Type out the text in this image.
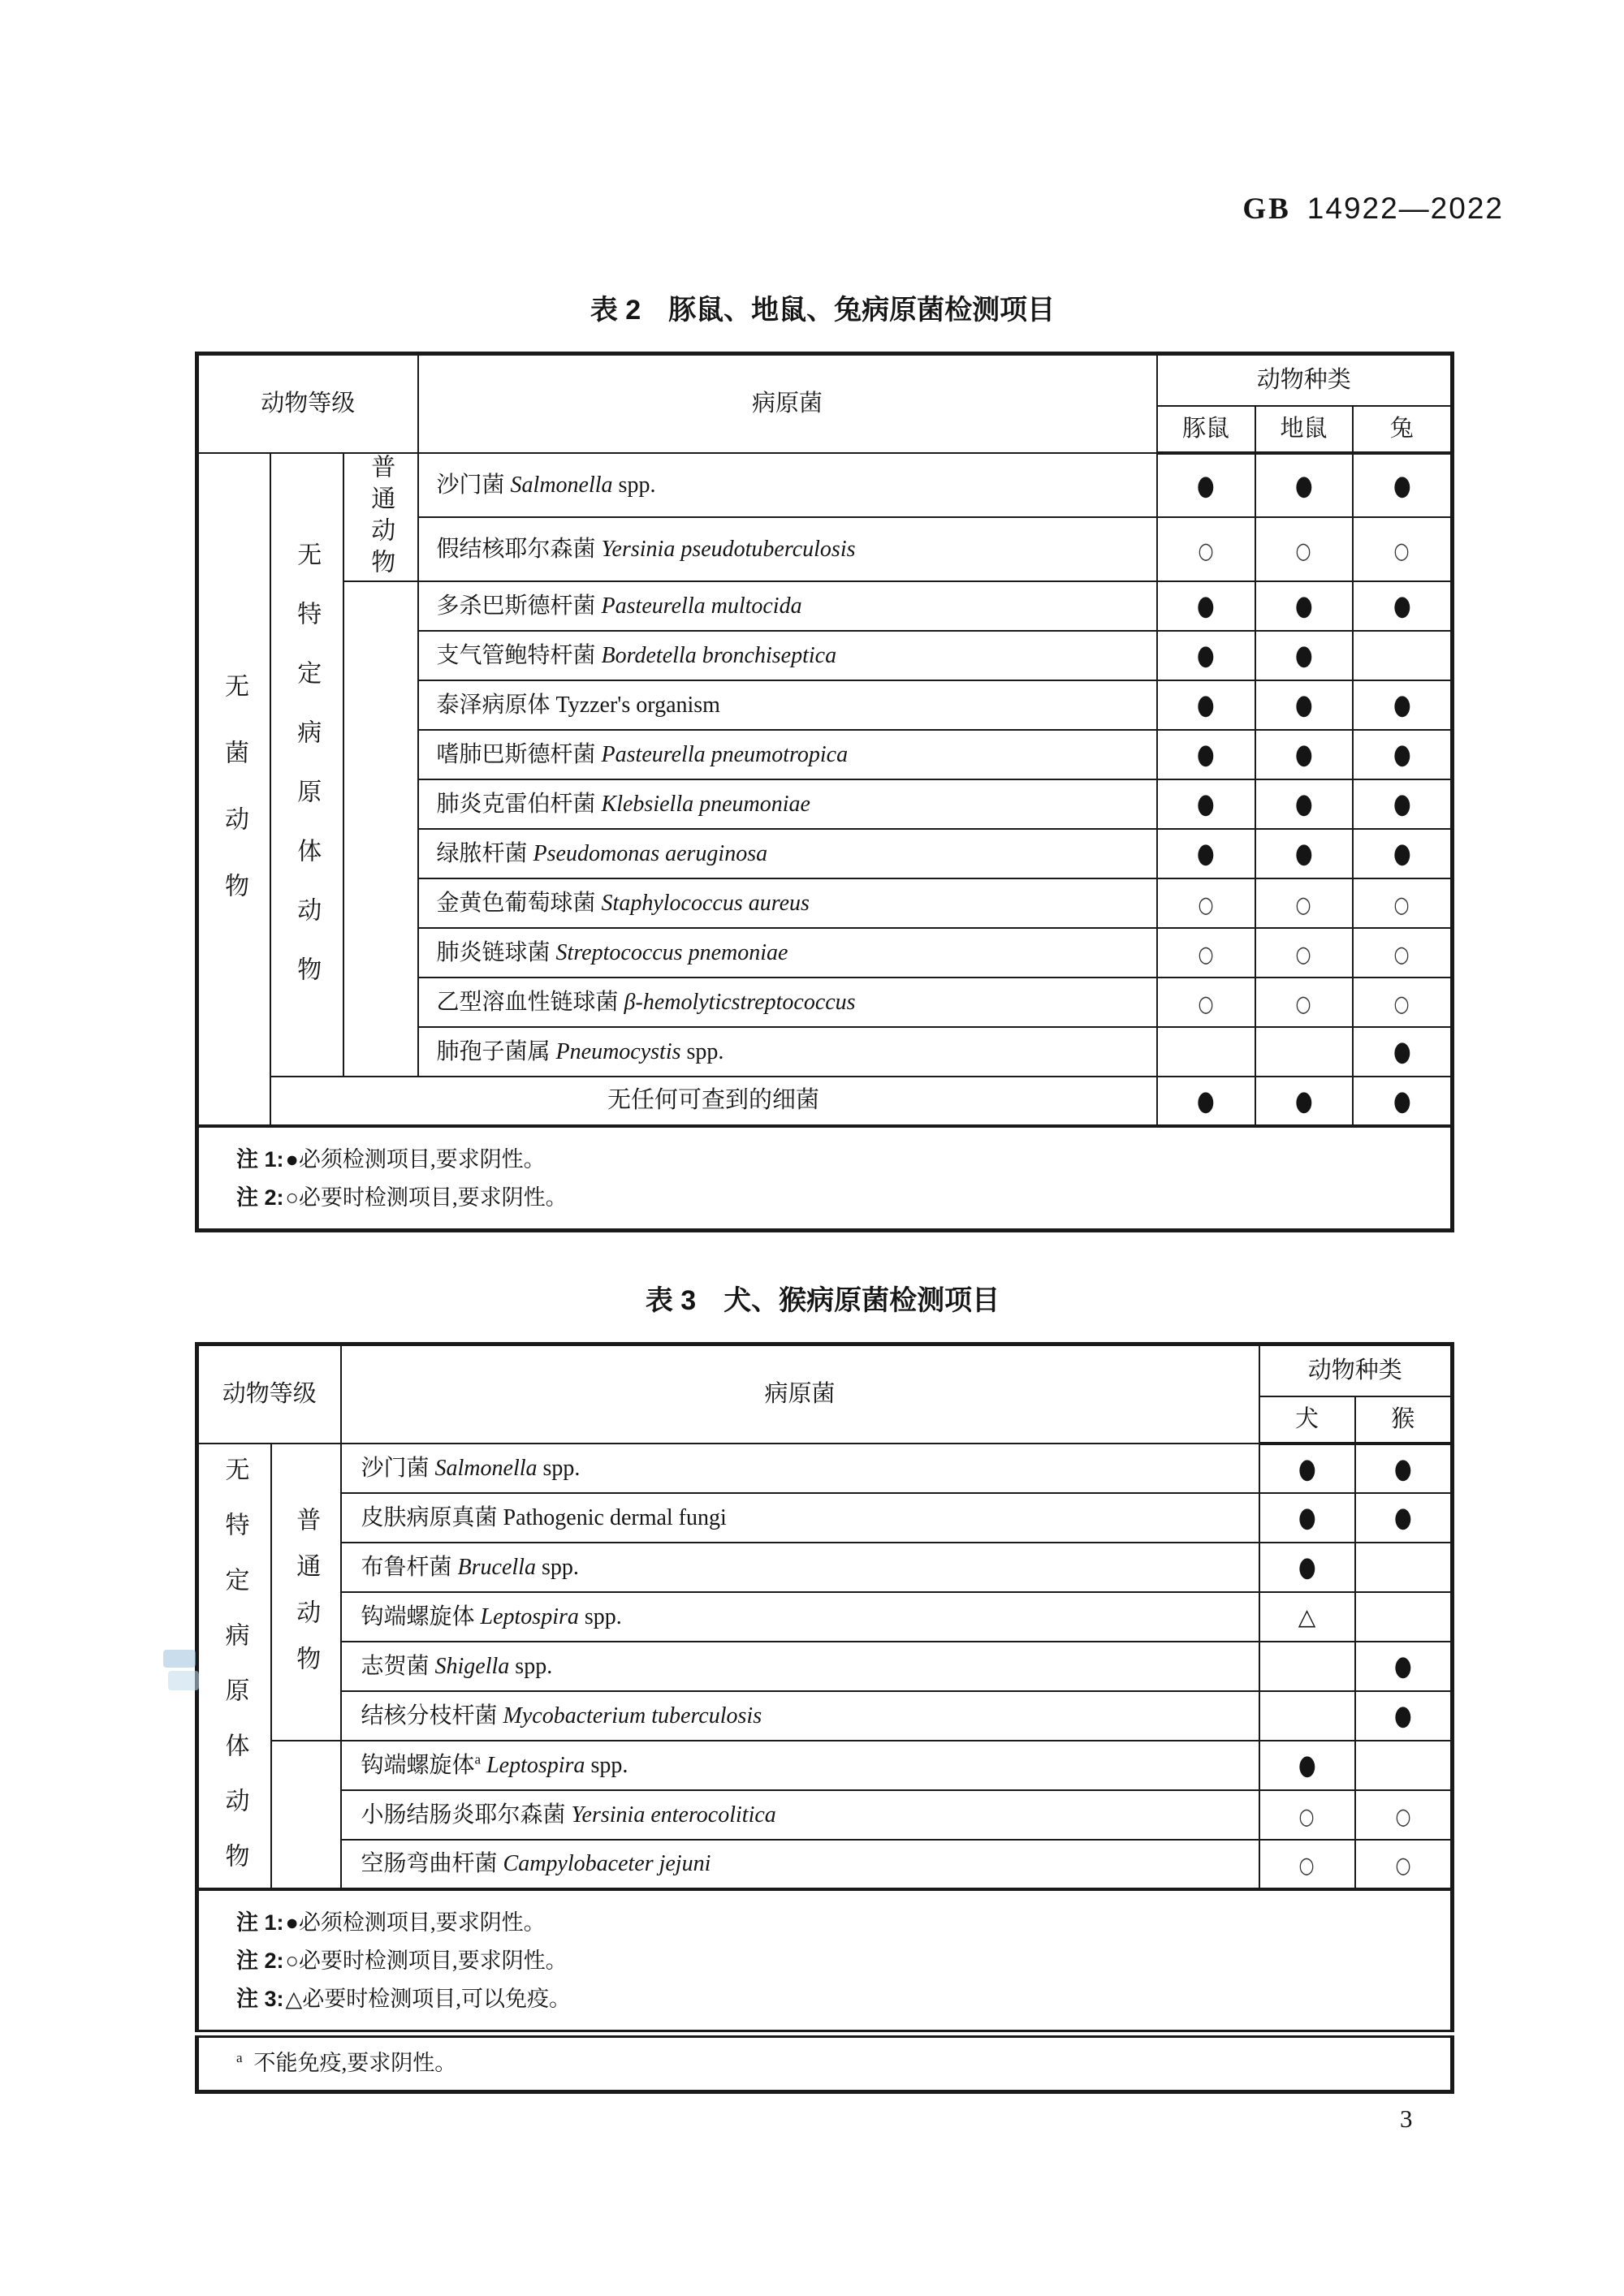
GB 14922—2022
表 2 豚鼠、地鼠、兔病原菌检测项目
动物等级			病原菌	动物种类		
				豚鼠	地鼠	兔
无菌动物	无特定病原体动物	普通动物	沙门菌 Salmonella spp.	●	●	●
			假结核耶尔森菌 Yersinia pseudotuberculosis	○	○	○
			多杀巴斯德杆菌 Pasteurella multocida	●	●	●
			支气管鲍特杆菌 Bordetella bronchiseptica	●	●	
			泰泽病原体 Tyzzer's organism	●	●	●
			嗜肺巴斯德杆菌 Pasteurella pneumotropica	●	●	●
			肺炎克雷伯杆菌 Klebsiella pneumoniae	●	●	●
			绿脓杆菌 Pseudomonas aeruginosa	●	●	●
			金黄色葡萄球菌 Staphylococcus aureus	○	○	○
			肺炎链球菌 Streptococcus pnemoniae	○	○	○
			乙型溶血性链球菌 β-hemolyticstreptococcus	○	○	○
			肺孢子菌属 Pneumocystis spp.			●
	无任何可查到的细菌			●	●	●

注 1:●必须检测项目,要求阴性。
注 2:○必要时检测项目,要求阴性。						
表 3 犬、猴病原菌检测项目
动物等级		病原菌	动物种类	
			犬	猴
无特定病原体动物	普通动物	沙门菌 Salmonella spp.	●	●
		皮肤病原真菌 Pathogenic dermal fungi	●	●
		布鲁杆菌 Brucella spp.	●	
		钩端螺旋体 Leptospira spp.	△	
		志贺菌 Shigella spp.		●
		结核分枝杆菌 Mycobacterium tuberculosis		●
		钩端螺旋体$^a$ Leptospira spp.	●	
		小肠结肠炎耶尔森菌 Yersinia enterocolitica	○	○
		空肠弯曲杆菌 Campylobaceter jejuni	○	○

注 1:●必须检测项目,要求阴性。
注 2:○必要时检测项目,要求阴性。
注 3:△必要时检测项目,可以免疫。				

$^a$ 不能免疫,要求阴性。				
3
